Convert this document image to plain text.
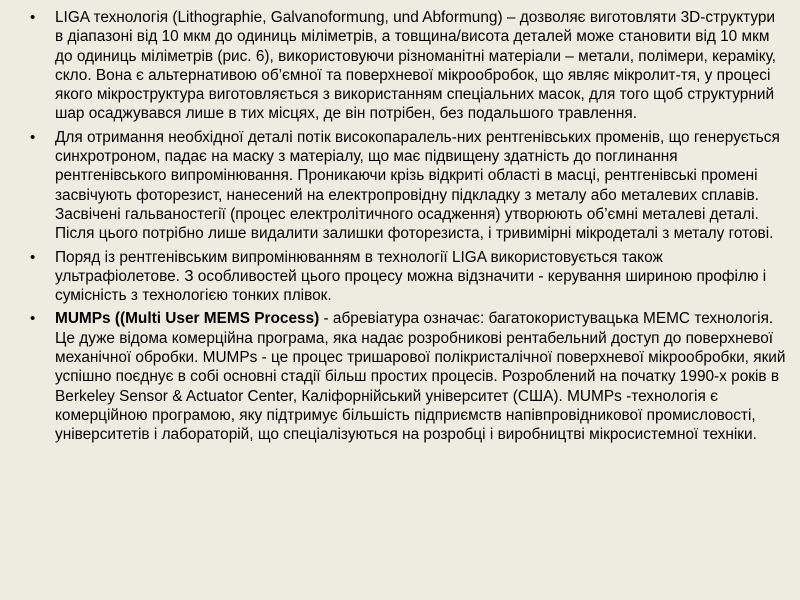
•	LIGA технологія (Lithographie, Galvanoformung, und Abformung) – дозволяє виготовляти 3D-структури в діапазоні від 10 мкм до одиниць міліметрів, а товщина/висота деталей може становити від 10 мкм до одиниць міліметрів (рис. 6), використовуючи різноманітні матеріали – метали, полімери, кераміку, скло. Вона є альтернативою об’ємної та поверхневої мікрообробок, що являє мікролит-тя, у процесі якого мікроструктура виготовляється з використанням спеціальних масок, для того щоб структурний шар осаджувався лише в тих місцях, де він потрібен, без подальшого травлення.
•	Для отримання необхідної деталі потік високопаралель-них рентгенівських променів, що генерується синхротроном, падає на маску з матеріалу, що має підвищену здатність до поглинання рентгенівського випромінювання. Проникаючи крізь відкриті області в масці, рентгенівські промені засвічують фоторезист, нанесений на електропровідну підкладку з металу або металевих сплавів. Засвічені гальваностегії (процес електролітичного осадження) утворюють об’ємні металеві деталі. Після цього потрібно лише видалити залишки фоторезиста, і тривимірні мікродеталі з металу готові.
•	Поряд із рентгенівським випромінюванням в технології LIGA використовується також ультрафіолетове. З особливостей цього процесу можна відзначити - керування шириною профілю і сумісність з технологією тонких плівок.
•	MUMPs ((Multi User MEMS Process) - абревіатура означає: багатокористувацька МЕМС технологія. Це дуже відома комерційна програма, яка надає розробникові рентабельний доступ до поверхневої механічної обробки. MUMPs - це процес тришарової полікристалічної поверхневої мікрообробки, який успішно поєднує в собі основні стадії більш простих процесів. Розроблений на початку 1990-х років в Berkeley Sensor & Actuator Center, Каліфорнійський університет (США). MUMPs -технологія є комерційною програмою, яку підтримує більшість підприємств напівпровідникової промисловості, університетів і лабораторій, що спеціалізуються на розробці і виробництві мікросистемної техніки.
